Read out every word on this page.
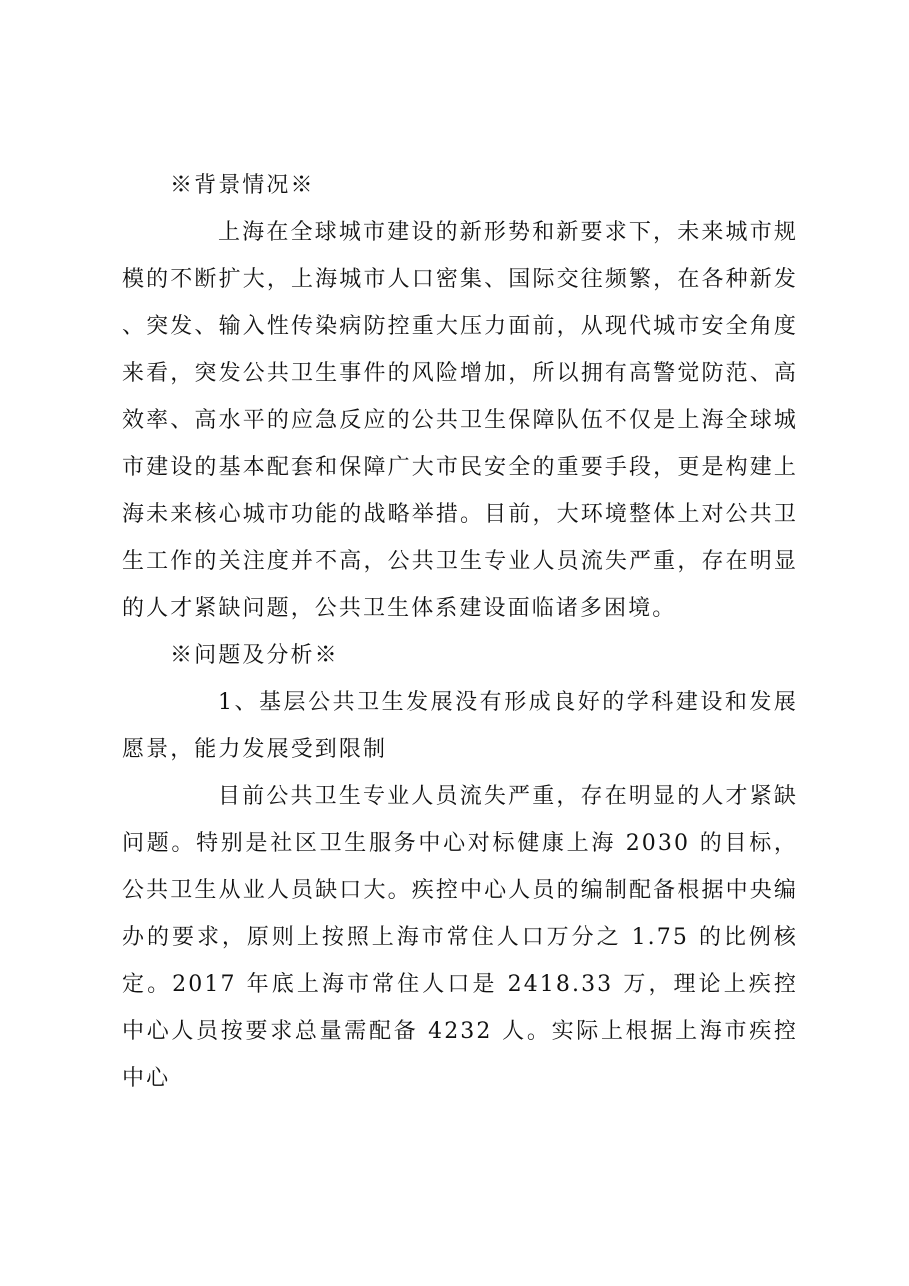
※背景情况※

上海在全球城市建设的新形势和新要求下，未来城市规模的不断扩大，上海城市人口密集、国际交往频繁，在各种新发、突发、输入性传染病防控重大压力面前，从现代城市安全角度来看，突发公共卫生事件的风险增加，所以拥有高警觉防范、高效率、高水平的应急反应的公共卫生保障队伍不仅是上海全球城市建设的基本配套和保障广大市民安全的重要手段，更是构建上海未来核心城市功能的战略举措。目前，大环境整体上对公共卫生工作的关注度并不高，公共卫生专业人员流失严重，存在明显的人才紧缺问题，公共卫生体系建设面临诸多困境。

※问题及分析※

1、基层公共卫生发展没有形成良好的学科建设和发展愿景，能力发展受到限制

目前公共卫生专业人员流失严重，存在明显的人才紧缺问题。特别是社区卫生服务中心对标健康上海 2030 的目标，公共卫生从业人员缺口大。疾控中心人员的编制配备根据中央编办的要求，原则上按照上海市常住人口万分之 1.75 的比例核定。2017 年底上海市常住人口是 2418.33 万，理论上疾控中心人员按要求总量需配备 4232 人。实际上根据上海市疾控中心
